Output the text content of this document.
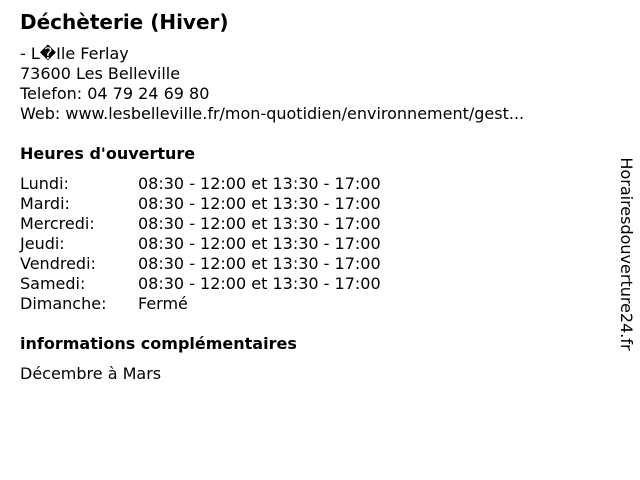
Déchèterie (Hiver)
- L�Ile Ferlay
73600 Les Belleville
Telefon: 04 79 24 69 80
Web: www.lesbelleville.fr/mon-quotidien/environnement/gest...
Heures d'ouverture
Lundi:	08:30 - 12:00 et 13:30 - 17:00
Mardi:	08:30 - 12:00 et 13:30 - 17:00
Mercredi:	08:30 - 12:00 et 13:30 - 17:00
Jeudi:	08:30 - 12:00 et 13:30 - 17:00
Vendredi:	08:30 - 12:00 et 13:30 - 17:00
Samedi:	08:30 - 12:00 et 13:30 - 17:00
Dimanche: Fermé
informations complémentaires
Décembre à Mars
Horairesdouverture24.fr
